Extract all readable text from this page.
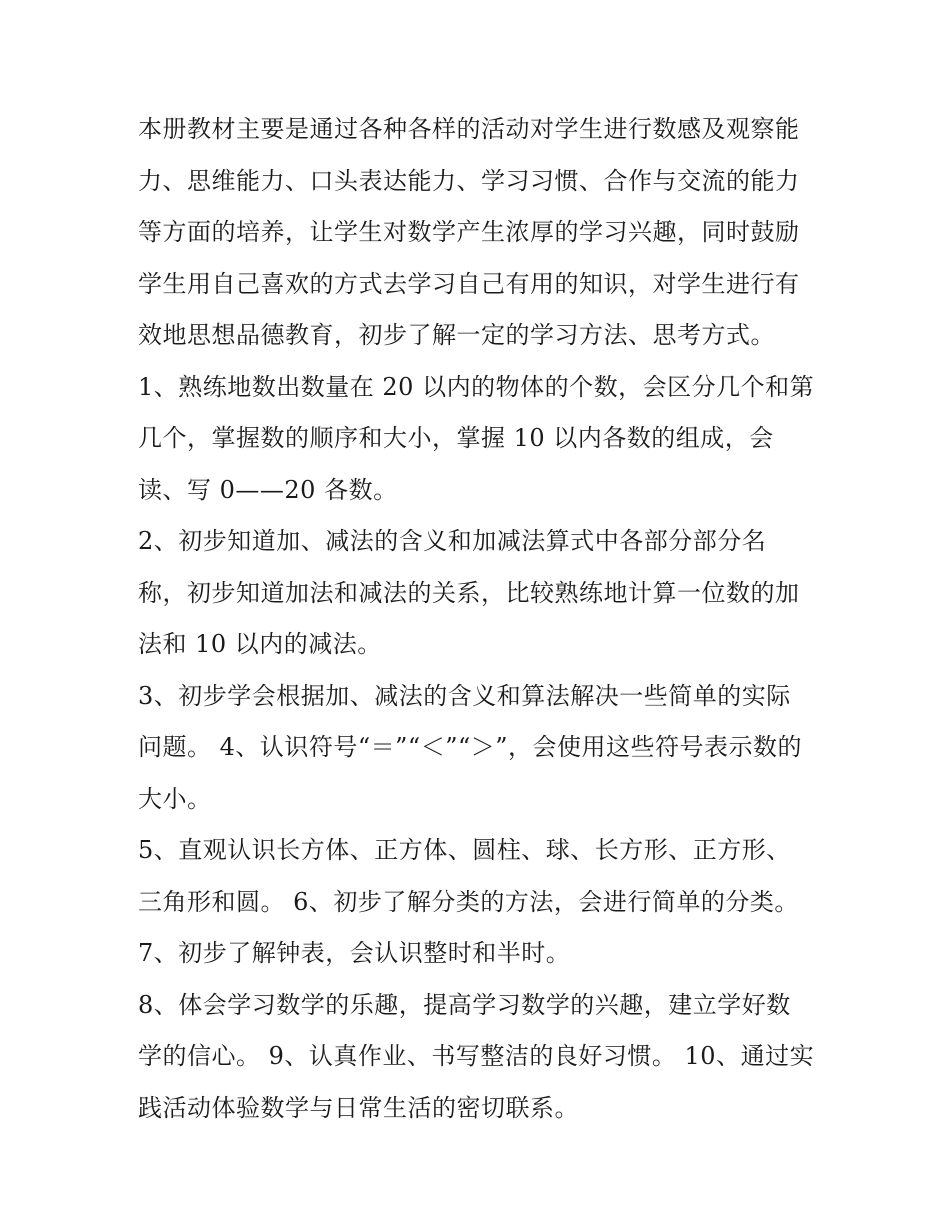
本册教材主要是通过各种各样的活动对学生进行数感及观察能
力、思维能力、口头表达能力、学习习惯、合作与交流的能力
等方面的培养，让学生对数学产生浓厚的学习兴趣，同时鼓励
学生用自己喜欢的方式去学习自己有用的知识，对学生进行有
效地思想品德教育，初步了解一定的学习方法、思考方式。
1、熟练地数出数量在 20 以内的物体的个数，会区分几个和第
几个，掌握数的顺序和大小，掌握 10 以内各数的组成，会
读、写 0——20 各数。
2、初步知道加、减法的含义和加减法算式中各部分部分名
称，初步知道加法和减法的关系，比较熟练地计算一位数的加
法和 10 以内的减法。
3、初步学会根据加、减法的含义和算法解决一些简单的实际
问题。 4、认识符号“＝”“＜”“＞”，会使用这些符号表示数的
大小。
5、直观认识长方体、正方体、圆柱、球、长方形、正方形、
三角形和圆。 6、初步了解分类的方法，会进行简单的分类。
7、初步了解钟表，会认识整时和半时。
8、体会学习数学的乐趣，提高学习数学的兴趣，建立学好数
学的信心。 9、认真作业、书写整洁的良好习惯。 10、通过实
践活动体验数学与日常生活的密切联系。
